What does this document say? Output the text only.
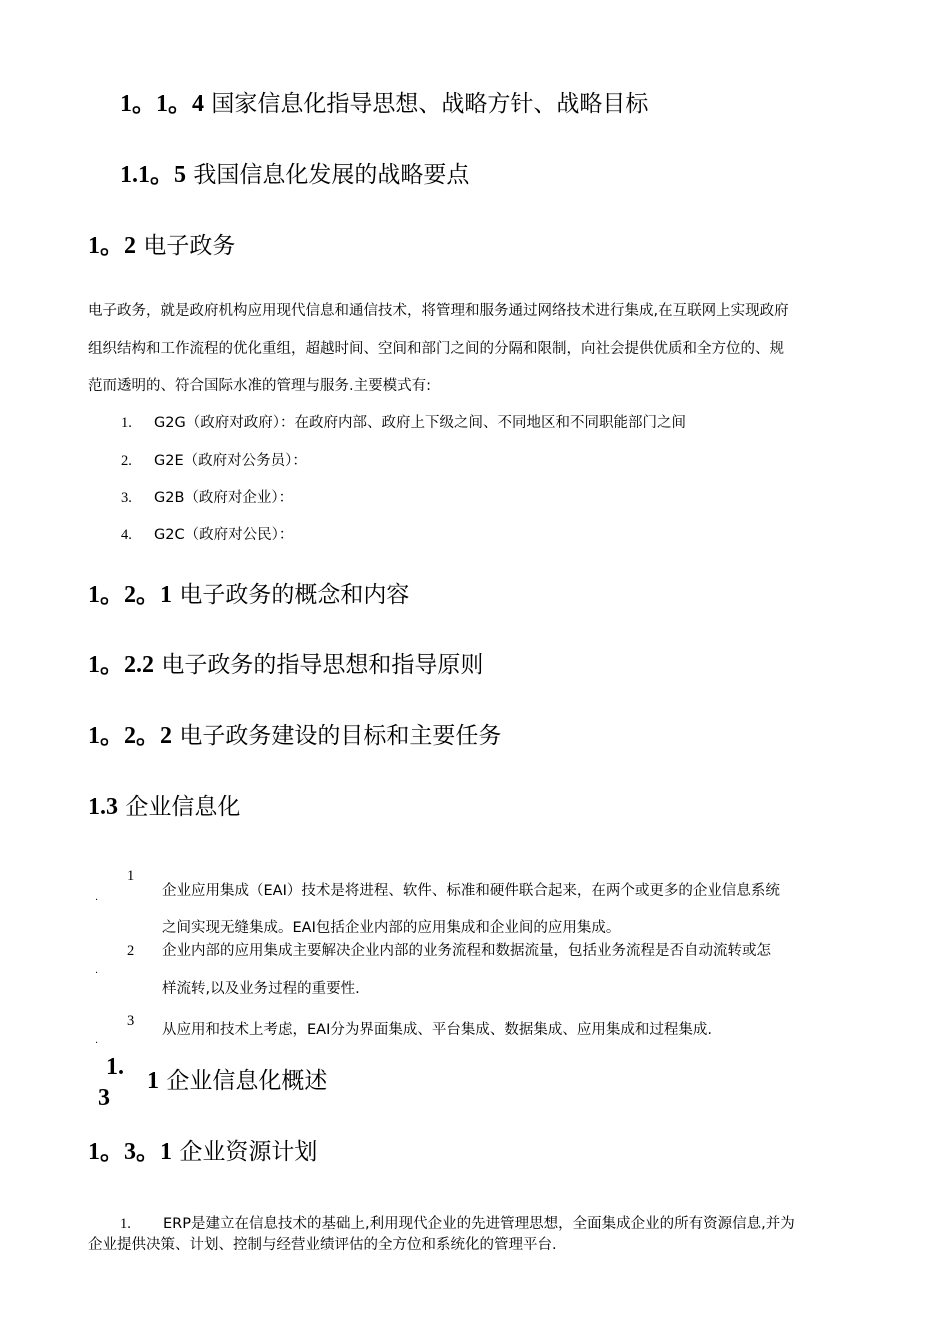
1。1。4 国家信息化指导思想、战略方针、战略目标
1.1。5 我国信息化发展的战略要点
1。2 电子政务
电子政务，就是政府机构应用现代信息和通信技术，将管理和服务通过网络技术进行集成,在互联网上实现政府
组织结构和工作流程的优化重组，超越时间、空间和部门之间的分隔和限制，向社会提供优质和全方位的、规
范而透明的、符合国际水准的管理与服务.主要模式有:
1. G2G（政府对政府）：在政府内部、政府上下级之间、不同地区和不同职能部门之间
2. G2E（政府对公务员）：
3. G2B（政府对企业）：
4. G2C（政府对公民）：
1。2。1 电子政务的概念和内容
1。2.2 电子政务的指导思想和指导原则
1。2。2 电子政务建设的目标和主要任务
1.3 企业信息化
1
.	企业应用集成（EAI）技术是将进程、软件、标准和硬件联合起来，在两个或更多的企业信息系统
之间实现无缝集成。EAI包括企业内部的应用集成和企业间的应用集成。
2
.
企业内部的应用集成主要解决企业内部的业务流程和数据流量，包括业务流程是否自动流转或怎
样流转,以及业务过程的重要性.
3
.
从应用和技术上考虑，EAI分为界面集成、平台集成、数据集成、应用集成和过程集成.
1.
3
1 企业信息化概述
1。3。1 企业资源计划
1. ERP是建立在信息技术的基础上,利用现代企业的先进管理思想，全面集成企业的所有资源信息,并为
企业提供决策、计划、控制与经营业绩评估的全方位和系统化的管理平台.
